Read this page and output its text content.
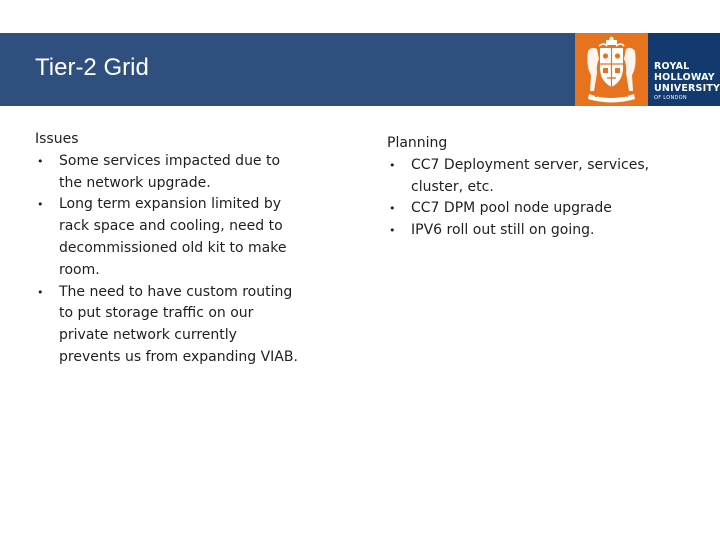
Tier-2 Grid	ROYAL
HOLLOWAY
UNIVERSITY
OF LONDON
Issues
• Some services impacted due to the network upgrade.
• Long term expansion limited by rack space and cooling, need to decommissioned old kit to make room.
• The need to have custom routing to put storage traffic on our private network currently prevents us from expanding VIAB.
Planning
• CC7 Deployment server, services, cluster, etc.
• CC7 DPM pool node upgrade
• IPV6 roll out still on going.
